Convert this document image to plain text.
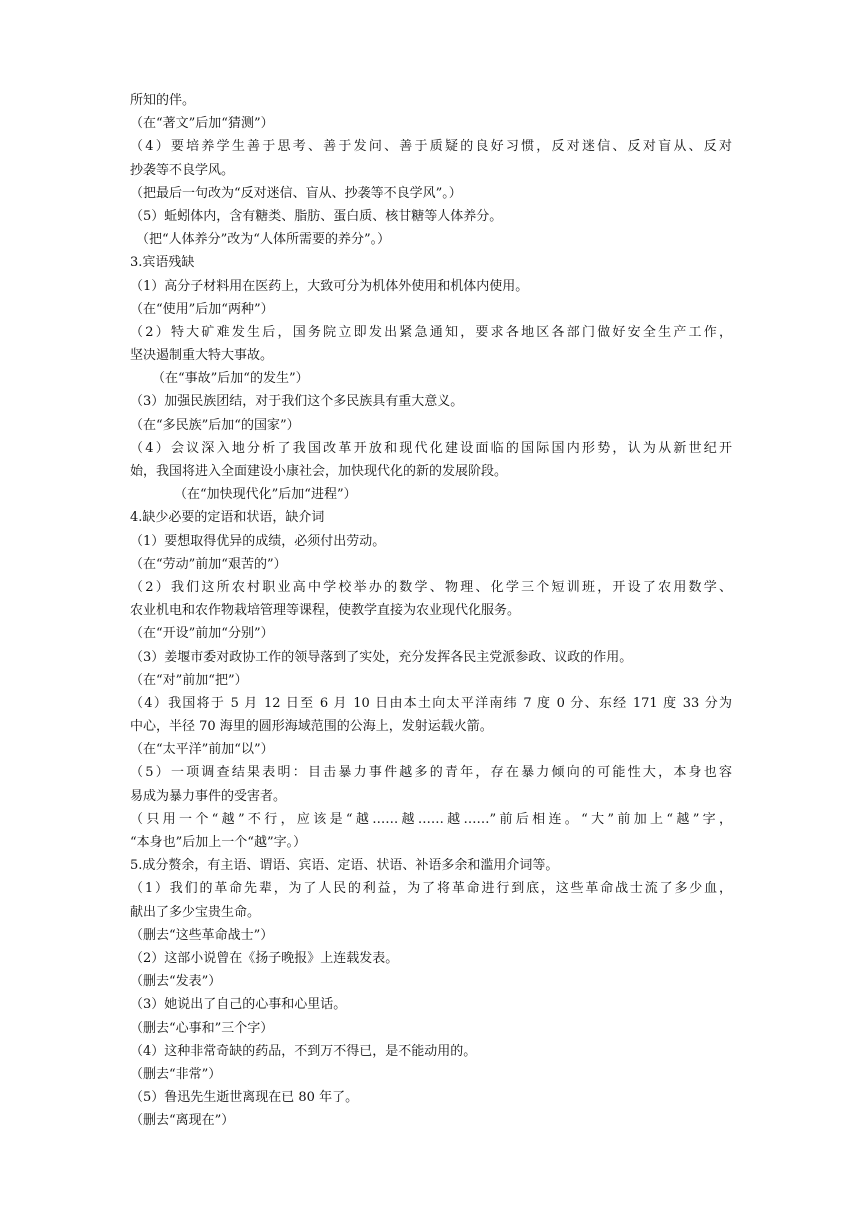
所知的伴。
（在“著文”后加“猜测”）
（4）要培养学生善于思考、善于发问、善于质疑的良好习惯，反对迷信、反对盲从、反对
抄袭等不良学风。
（把最后一句改为“反对迷信、盲从、抄袭等不良学风”。）
（5）蚯蚓体内，含有糖类、脂肪、蛋白质、核甘糖等人体养分。
（把“人体养分”改为“人体所需要的养分”。）
3.宾语残缺
（1）高分子材料用在医药上，大致可分为机体外使用和机体内使用。
（在“使用”后加“两种”）
（2）特大矿难发生后，国务院立即发出紧急通知，要求各地区各部门做好安全生产工作，
坚决遏制重大特大事故。
（在“事故”后加“的发生”）
（3）加强民族团结，对于我们这个多民族具有重大意义。
（在“多民族”后加“的国家”）
（4）会议深入地分析了我国改革开放和现代化建设面临的国际国内形势，认为从新世纪开
始，我国将进入全面建设小康社会，加快现代化的新的发展阶段。
（在“加快现代化”后加“进程”）
4.缺少必要的定语和状语，缺介词
（1）要想取得优异的成绩，必须付出劳动。
（在“劳动”前加“艰苦的”）
（2）我们这所农村职业高中学校举办的数学、物理、化学三个短训班，开设了农用数学、
农业机电和农作物栽培管理等课程，使教学直接为农业现代化服务。
（在“开设”前加“分别”）
（3）姜堰市委对政协工作的领导落到了实处，充分发挥各民主党派参政、议政的作用。
（在“对”前加“把”）
（4）我国将于 5 月 12 日至 6 月 10 日由本土向太平洋南纬 7 度 0 分、东经 171 度 33 分为
中心，半径 70 海里的圆形海域范围的公海上，发射运载火箭。
（在“太平洋”前加“以”）
（5）一项调查结果表明：目击暴力事件越多的青年，存在暴力倾向的可能性大，本身也容
易成为暴力事件的受害者。
（只用一个“越”不行，应该是“越……越……越……”前后相连。“大”前加上“越”字，
“本身也”后加上一个“越”字。）
5.成分赘余，有主语、谓语、宾语、定语、状语、补语多余和滥用介词等。
（1）我们的革命先辈，为了人民的利益，为了将革命进行到底，这些革命战士流了多少血，
献出了多少宝贵生命。
（删去“这些革命战士”）
（2）这部小说曾在《扬子晚报》上连载发表。
（删去“发表”）
（3）她说出了自己的心事和心里话。
（删去“心事和”三个字）
（4）这种非常奇缺的药品，不到万不得已，是不能动用的。
（删去“非常”）
（5）鲁迅先生逝世离现在已 80 年了。
（删去“离现在”）
